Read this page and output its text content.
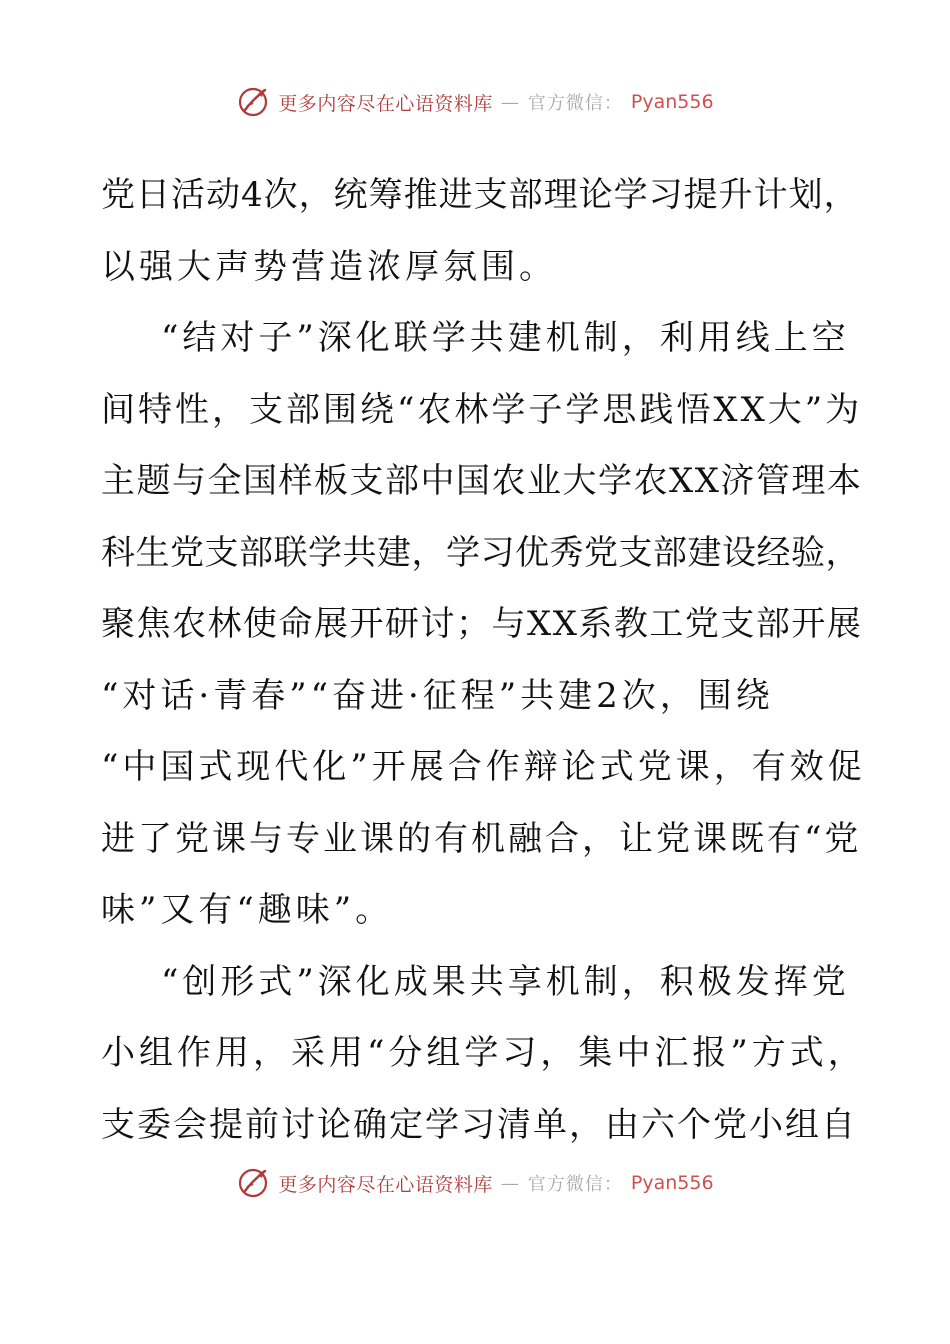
更多内容尽在心语资料库 — 官方微信： Pyan556
党日活动4次，统筹推进支部理论学习提升计划，
以强大声势营造浓厚氛围。
“结对子”深化联学共建机制，利用线上空
间特性，支部围绕“农林学子学思践悟XX大”为
主题与全国样板支部中国农业大学农XX济管理本
科生党支部联学共建，学习优秀党支部建设经验，
聚焦农林使命展开研讨；与XX系教工党支部开展
“对话·青春”“奋进·征程”共建2次，围绕
“中国式现代化”开展合作辩论式党课，有效促
进了党课与专业课的有机融合，让党课既有“党
味”又有“趣味”。
“创形式”深化成果共享机制，积极发挥党
小组作用，采用“分组学习，集中汇报”方式，
支委会提前讨论确定学习清单，由六个党小组自
更多内容尽在心语资料库 — 官方微信： Pyan556
